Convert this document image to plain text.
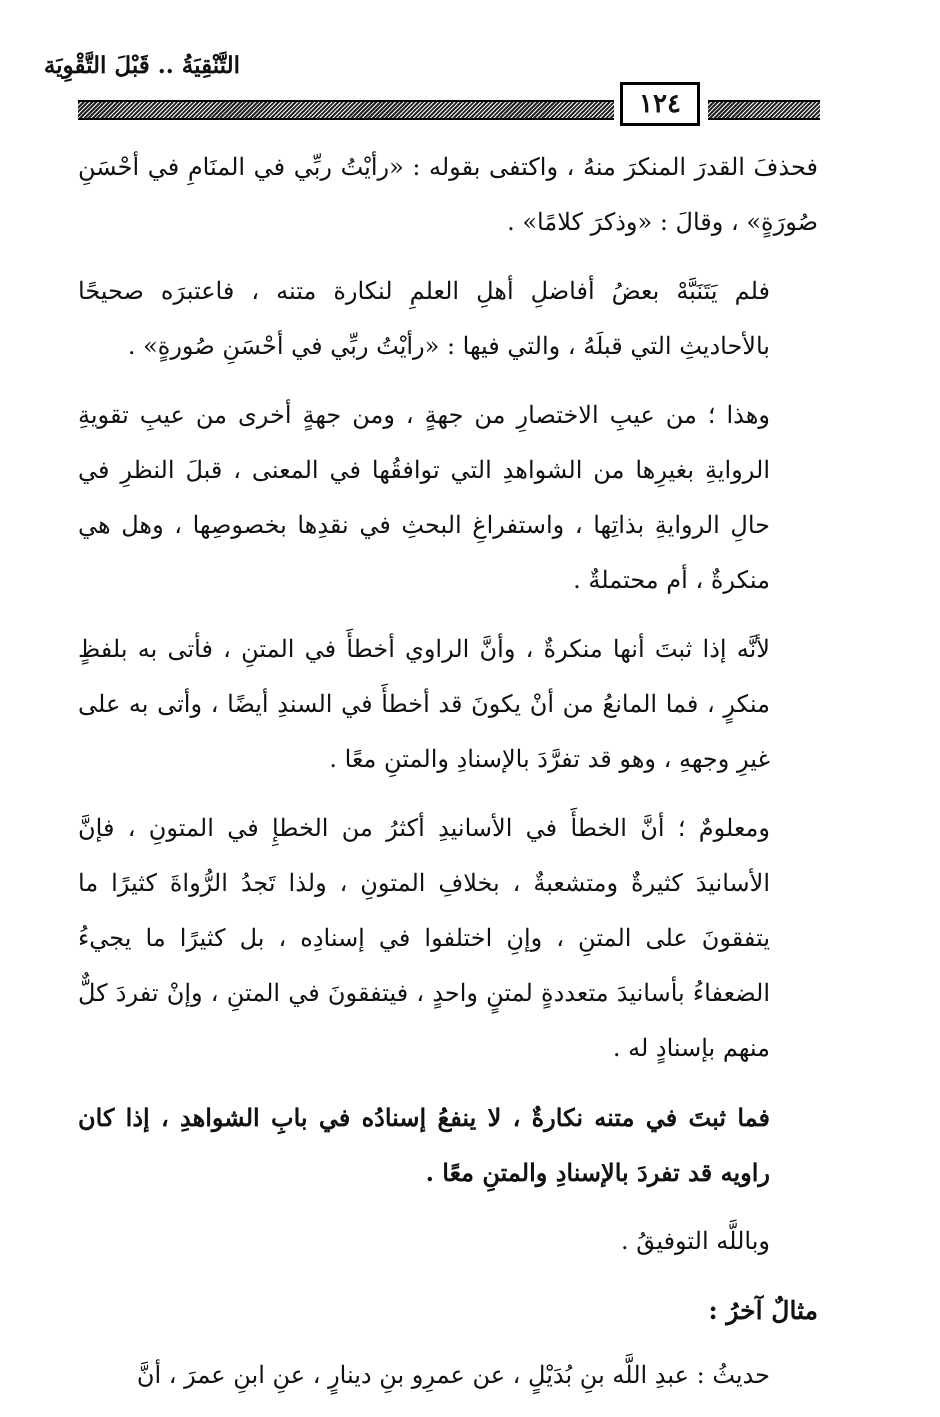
التَّنْقِيَةُ .. قَبْلَ التَّقْوِيَة
١٢٤

فحذفَ القدرَ المنكرَ منهُ ، واكتفى بقوله : «رأيْتُ ربِّي في المنَامِ في أحْسَنِ صُورَةٍ» ، وقالَ : «وذكرَ كلامًا» .

فلم يَتَنَبَّهْ بعضُ أفاضلِ أهلِ العلمِ لنكارة متنه ، فاعتبرَه صحيحًا بالأحاديثِ التي قبلَهُ ، والتي فيها : «رأيْتُ ربِّي في أحْسَنِ صُورةٍ» .

وهذا ؛ من عيبِ الاختصارِ من جهةٍ ، ومن جهةٍ أخرى من عيبِ تقويةِ الروايةِ بغيرِها من الشواهدِ التي توافقُها في المعنى ، قبلَ النظرِ في حالِ الروايةِ بذاتِها ، واستفراغِ البحثِ في نقدِها بخصوصِها ، وهل هي منكرةٌ ، أم محتملةٌ .

لأنَّه إذا ثبتَ أنها منكرةٌ ، وأنَّ الراوي أخطأَ في المتنِ ، فأتى به بلفظٍ منكرٍ ، فما المانعُ من أنْ يكونَ قد أخطأَ في السندِ أيضًا ، وأتى به على غيرِ وجههِ ، وهو قد تفرَّدَ بالإسنادِ والمتنِ معًا .

ومعلومٌ ؛ أنَّ الخطأَ في الأسانيدِ أكثرُ من الخطإِ في المتونِ ، فإنَّ الأسانيدَ كثيرةٌ ومتشعبةٌ ، بخلافِ المتونِ ، ولذا تَجدُ الرُّواةَ كثيرًا ما يتفقونَ على المتنِ ، وإنِ اختلفوا في إسنادِه ، بل كثيرًا ما يجيءُ الضعفاءُ بأسانيدَ متعددةٍ لمتنٍ واحدٍ ، فيتفقونَ في المتنِ ، وإنْ تفردَ كلٌّ منهم بإسنادٍ له .

فما ثبتَ في متنه نكارةٌ ، لا ينفعُ إسنادُه في بابِ الشواهدِ ، إذا كان راويه قد تفردَ بالإسنادِ والمتنِ معًا .

وباللَّه التوفيقُ .

مثالٌ آخرُ :

حديثُ : عبدِ اللَّه بنِ بُدَيْلٍ ، عن عمرِو بنِ دينارٍ ، عنِ ابنِ عمرَ ، أنَّ
